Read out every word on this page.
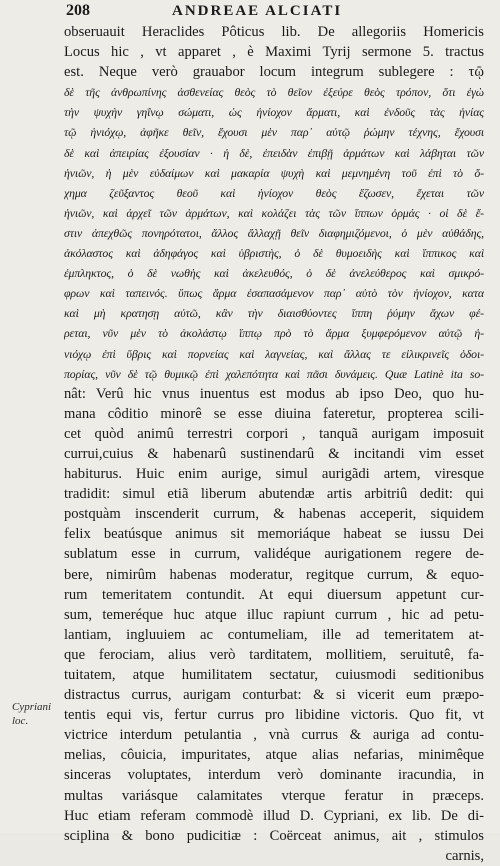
208	ANDREAE ALCIATI
Cypriani loc.
obseruauit Heraclides Pôticus lib. De allegoriis Homericis
Locus hic , vt apparet , è Maximi Tyrij sermone 5. tractus
est. Neque verò grauabor locum integrum sublegere : τῷ
δὲ τῆς ἀνθρωπίνης ἀσθενείας θεὸς τὸ θεῖον ἐξεύρε θεὸς τρόπον, ὅτι ἐγὼ
τὴν ψυχὴν γηΐνῳ σώματι, ὡς ἡνίοχον ἅρματι, καὶ ἐνδοῦς τὰς ἡνίας
τῷ ἡνιόχῳ, ἀφῆκε θεῖν, ἔχουσι μὲν παρ᾽ αὐτῷ ῥώμην τέχνης, ἔχουσι
δὲ καὶ ἀπειρίας ἐξουσίαν · ἡ δὲ, ἐπειδὰν ἐπιβῇ ἁρμάτων καὶ λάβηται τῶν
ἡνιῶν, ἡ μὲν εὐδαίμων καὶ μακαρία ψυχὴ καὶ μεμνημένη τοῦ ἐπὶ τὸ ὄ-
χημα ζεῦξαντος θεοῦ καὶ ἡνίοχον θεὸς ἔζωσεν, ἔχεται τῶν
ἡνιῶν, καὶ ἀρχεῖ τῶν ἁρμάτων, καὶ κολάζει τὰς τῶν ἵππων ὁρμάς · οἱ δὲ ἔ-
στιν ἀπεχθῶς πονηρότατοι, ἄλλος ἄλλαχῇ θεῖν διαφημιζόμενοι, ὁ μὲν αὐθάδης,
ἀκόλαστος καὶ ἀδηφάγος καὶ ὑβριστὴς, ὁ δὲ θυμοειδὴς καὶ ἵππικος καὶ
ἐμπληκτος, ὁ δὲ νωθὴς καὶ ἀκελευθός, ὁ δὲ ἀνελεύθερος καὶ σμικρό-
φρων καὶ ταπεινός. ὕπως ἅρμα ἐσαπασάμενον παρ᾽ αὐτὸ τὸν ἡνίοχον, κατα
καὶ μὴ κρατησῃ αὐτῶ, κἂν τὴν διαισθύοντες ἵππη ῥύμην ἄχων φέ-
ρεται, νῦν μὲν τὸ ἀκολάστῳ ἵππῳ πρὸ τὸ ἅρμα ξυμφερόμενον αὐτῷ ἡ-
νιόχῳ ἐπὶ ὕβρις καὶ πορνείας καὶ λαγνείας, καὶ ἄλλας τε εἰλικρινεῖς ὁδοι-
πορίας, νῦν δὲ τῷ θυμικῷ ἐπὶ χαλεπότητα καὶ πᾶσι δυνάμεις. Quæ Latinè ita so-
nât: Verû hic vnus inuentus est modus ab ipso Deo, quo hu-
mana côditio minorê se esse diuina fateretur, propterea scili-
cet quòd animû terrestri corpori , tanquã aurigam imposuit
currui,cuius & habenarû sustinendarû & incitandi vim esset
habiturus. Huic enim aurige, simul aurigãdi artem, viresque
tradidit: simul etiã liberum abutendæ artis arbitriû dedit: qui
postquàm inscenderit currum, & habenas acceperit, siquidem
felix beatúsque animus sit memoriáque habeat se iussu Dei
sublatum esse in currum, validéque aurigationem regere de-
bere, nimirûm habenas moderatur, regitque currum, & equo-
rum temeritatem contundit. At equi diuersum appetunt cur-
sum, temeréque huc atque illuc rapiunt currum , hic ad petu-
lantiam, ingluuiem ac contumeliam, ille ad temeritatem at-
que ferociam, alius verò tarditatem, mollitiem, seruitutê, fa-
tuitatem, atque humilitatem sectatur, cuiusmodi seditionibus
distractus currus, aurigam conturbat: & si vicerit eum præpo-
tentis equi vis, fertur currus pro libidine victoris. Quo fit, vt
victrice interdum petulantia , vnà currus & auriga ad contu-
melias, côuicia, impuritates, atque alias nefarias, minimêque
sinceras voluptates, interdum verò dominante iracundia, in
multas variásque calamitates vterque feratur in præceps.
Huc etiam referam commodè illud D. Cypriani, ex lib. De di-
sciplina & bono pudicitiæ : Coërceat animus, ait , stimulos
carnis,
